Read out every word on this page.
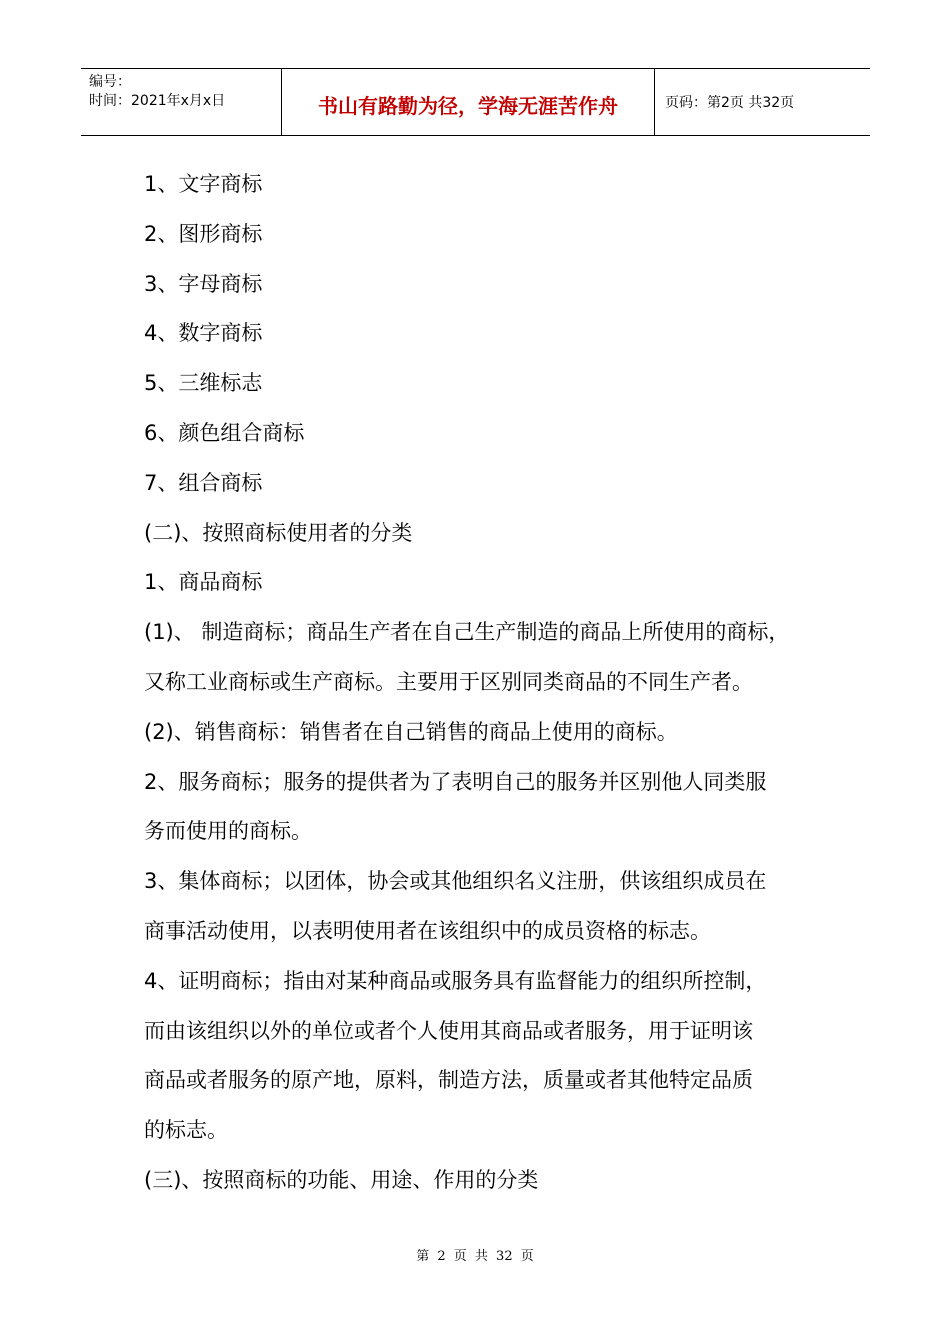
编号：
时间：2021年x月x日	书山有路勤为径，学海无涯苦作舟	页码：第2页 共32页
1、文字商标
2、图形商标
3、字母商标
4、数字商标
5、三维标志
6、颜色组合商标
7、组合商标
(二)、按照商标使用者的分类
1、商品商标
(1)、 制造商标；商品生产者在自己生产制造的商品上所使用的商标，
又称工业商标或生产商标。主要用于区别同类商品的不同生产者。
(2)、销售商标：销售者在自己销售的商品上使用的商标。
2、服务商标；服务的提供者为了表明自己的服务并区别他人同类服
务而使用的商标。
3、集体商标；以团体，协会或其他组织名义注册，供该组织成员在
商事活动使用，以表明使用者在该组织中的成员资格的标志。
4、证明商标；指由对某种商品或服务具有监督能力的组织所控制，
而由该组织以外的单位或者个人使用其商品或者服务，用于证明该
商品或者服务的原产地，原料，制造方法，质量或者其他特定品质
的标志。
(三)、按照商标的功能、用途、作用的分类
第 2 页 共 32 页
